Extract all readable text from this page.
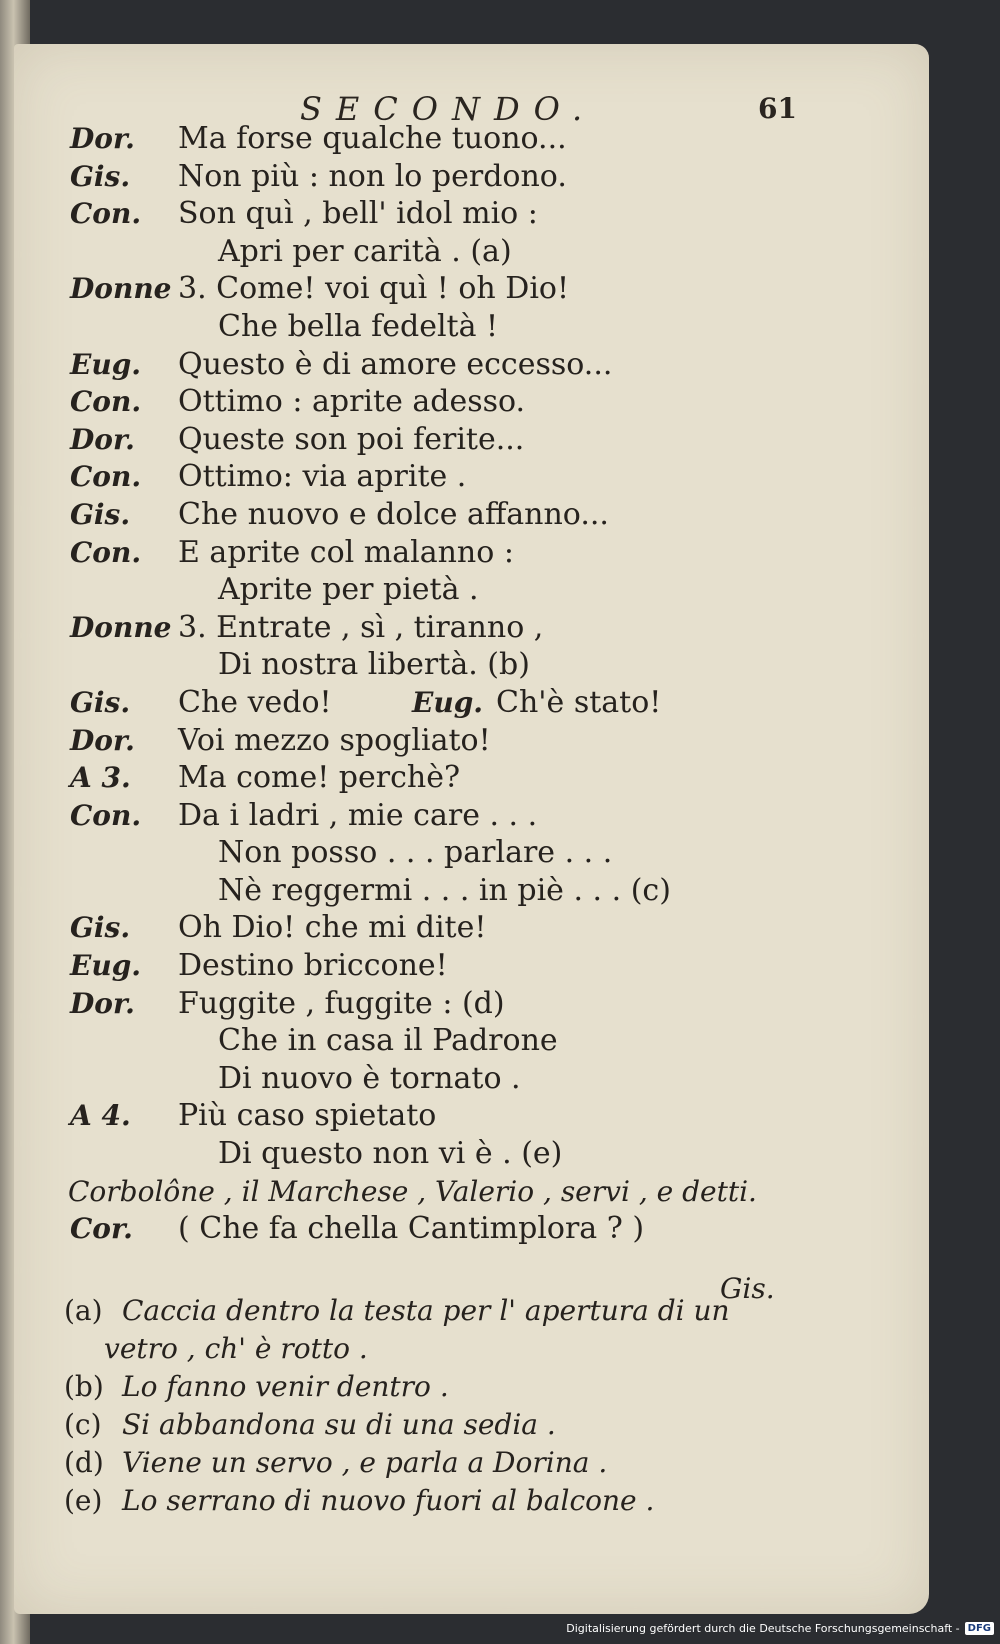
SECONDO.	61
Dor. Ma forse qualche tuono...
Gis. Non più : non lo perdono.
Con. Son quì , bell' idol mio :
Apri per carità . (a)
Donne 3. Come! voi quì ! oh Dio!
Che bella fedeltà !
Eug. Questo è di amore eccesso...
Con. Ottimo : aprite adesso.
Dor. Queste son poi ferite...
Con. Ottimo: via aprite .
Gis. Che nuovo e dolce affanno...
Con. E aprite col malanno :
Aprite per pietà .
Donne 3. Entrate , sì , tiranno ,
Di nostra libertà. (b)
Gis. Che vedo!	Eug. Ch'è stato!
Dor. Voi mezzo spogliato!
A 3. Ma come! perchè?
Con. Da i ladri , mie care . . .
Non posso . . . parlare . . .
Nè reggermi . . . in piè . . . (c)
Gis. Oh Dio! che mi dite!
Eug. Destino briccone!
Dor. Fuggite , fuggite : (d)
Che in casa il Padrone
Di nuovo è tornato .
A 4. Più caso spietato
Di questo non vi è . (e)
Corbolône , il Marchese , Valerio , servi , e detti.
Cor. ( Che fa chella Cantimplora ? )
Gis.
(a) Caccia dentro la testa per l' apertura di un
vetro , ch' è rotto .
(b) Lo fanno venir dentro .
(c) Si abbandona su di una sedia .
(d) Viene un servo , e parla a Dorina .
(e) Lo serrano di nuovo fuori al balcone .
Digitalisierung gefördert durch die Deutsche Forschungsgemeinschaft - DFG
